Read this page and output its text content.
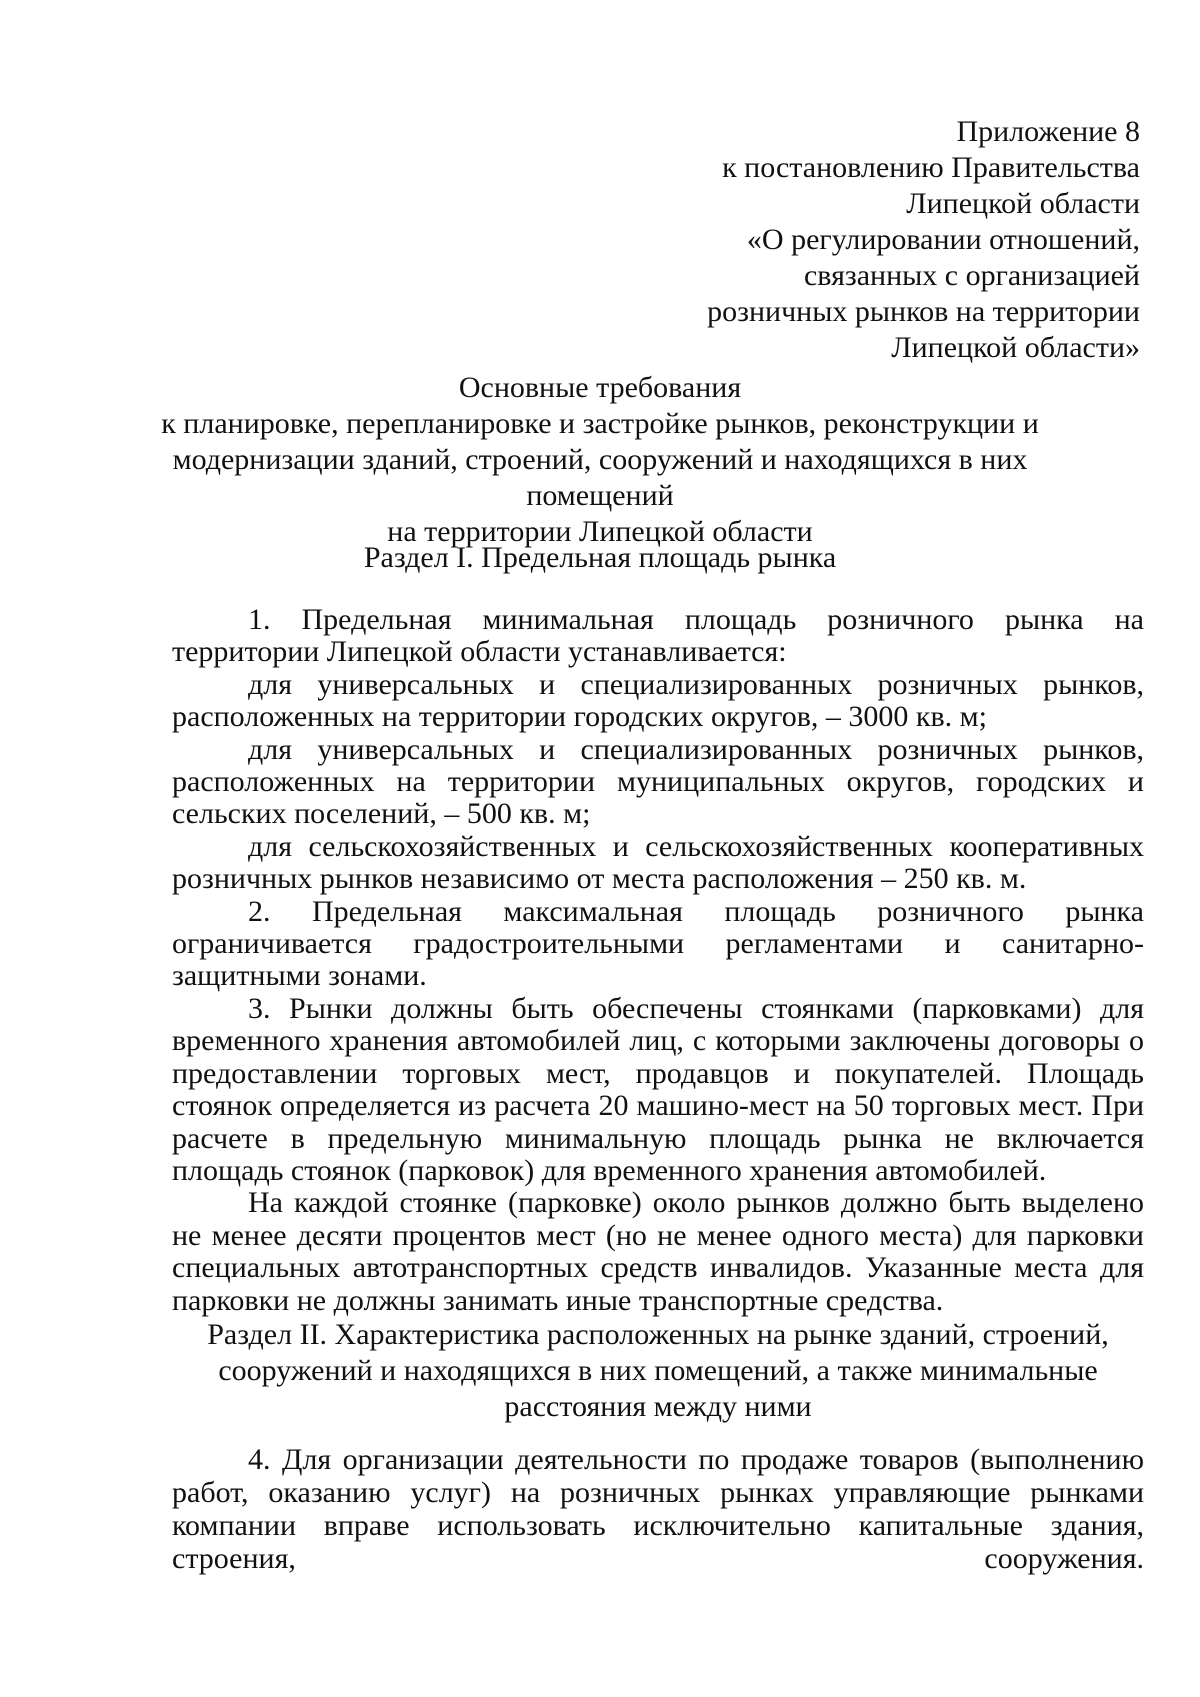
Приложение 8
к постановлению Правительства
Липецкой области
«О регулировании отношений,
связанных с организацией
розничных рынков на территории
Липецкой области»
Основные требования
к планировке, перепланировке и застройке рынков, реконструкции и
модернизации зданий, строений, сооружений и находящихся в них помещений
на территории Липецкой области
Раздел I. Предельная площадь рынка

1. Предельная минимальная площадь розничного рынка на территории Липецкой области устанавливается:

для универсальных и специализированных розничных рынков, расположенных на территории городских округов, – 3000 кв. м;

для универсальных и специализированных розничных рынков, расположенных на территории муниципальных округов, городских и сельских поселений, – 500 кв. м;

для сельскохозяйственных и сельскохозяйственных кооперативных розничных рынков независимо от места расположения – 250 кв. м.

2. Предельная максимальная площадь розничного рынка ограничивается градостроительными регламентами и санитарно-защитными зонами.

3. Рынки должны быть обеспечены стоянками (парковками) для временного хранения автомобилей лиц, с которыми заключены договоры о предоставлении торговых мест, продавцов и покупателей. Площадь стоянок определяется из расчета 20 машино-мест на 50 торговых мест. При расчете в предельную минимальную площадь рынка не включается площадь стоянок (парковок) для временного хранения автомобилей.

На каждой стоянке (парковке) около рынков должно быть выделено не менее десяти процентов мест (но не менее одного места) для парковки специальных автотранспортных средств инвалидов. Указанные места для парковки не должны занимать иные транспортные средства.

Раздел II. Характеристика расположенных на рынке зданий, строений,
сооружений и находящихся в них помещений, а также минимальные
расстояния между ними

4. Для организации деятельности по продаже товаров (выполнению работ, оказанию услуг) на розничных рынках управляющие рынками компании вправе использовать исключительно капитальные здания, строения, сооружения.
